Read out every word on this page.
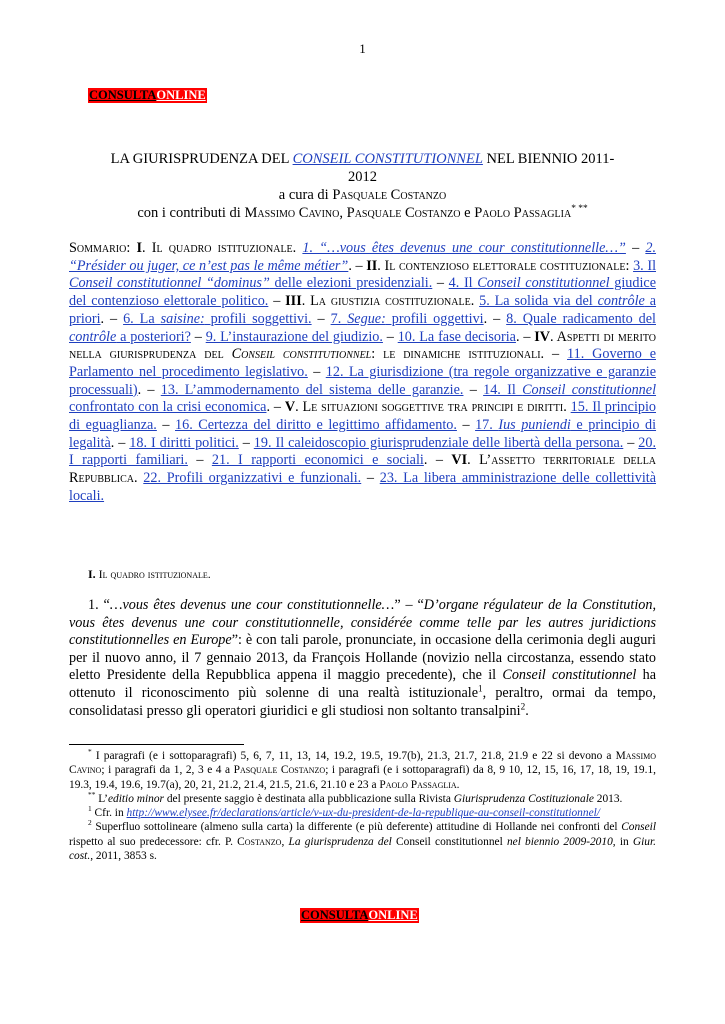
1
CONSULTAONLINE
LA GIURISPRUDENZA DEL CONSEIL CONSTITUTIONNEL NEL BIENNIO 2011-
2012
a cura di Pasquale Costanzo
con i contributi di Massimo Cavino, Pasquale Costanzo e Paolo Passaglia* **
Sommario: I. Il quadro istituzionale. 1. “…vous êtes devenus une cour constitutionnelle…” – 2. “Présider ou juger, ce n’est pas le même métier”. – II. Il contenzioso elettorale costituzionale: 3. Il Conseil constitutionnel “dominus” delle elezioni presidenziali. – 4. Il Conseil constitutionnel giudice del contenzioso elettorale politico. – III. La giustizia costituzionale. 5. La solida via del contrôle a priori. – 6. La saisine: profili soggettivi. – 7. Segue: profili oggettivi. – 8. Quale radicamento del contrôle a posteriori? – 9. L’instaurazione del giudizio. – 10. La fase decisoria. – IV. Aspetti di merito nella giurisprudenza del Conseil constitutionnel: le dinamiche istituzionali. – 11. Governo e Parlamento nel procedimento legislativo. – 12. La giurisdizione (tra regole organizzative e garanzie processuali). – 13. L’ammodernamento del sistema delle garanzie. – 14. Il Conseil constitutionnel confrontato con la crisi economica. – V. Le situazioni soggettive tra principi e diritti. 15. Il principio di eguaglianza. – 16. Certezza del diritto e legittimo affidamento. – 17. Ius puniendi e principio di legalità. – 18. I diritti politici. – 19. Il caleidoscopio giurisprudenziale delle libertà della persona. – 20. I rapporti familiari. – 21. I rapporti economici e sociali. – VI. L’assetto territoriale della Repubblica. 22. Profili organizzativi e funzionali. – 23. La libera amministrazione delle collettività locali.
I. Il quadro istituzionale.
1. “…vous êtes devenus une cour constitutionnelle…” – “D’organe régulateur de la Constitution, vous êtes devenus une cour constitutionnelle, considérée comme telle par les autres juridictions constitutionnelles en Europe”: è con tali parole, pronunciate, in occasione della cerimonia degli auguri per il nuovo anno, il 7 gennaio 2013, da François Hollande (novizio nella circostanza, essendo stato eletto Presidente della Repubblica appena il maggio precedente), che il Conseil constitutionnel ha ottenuto il riconoscimento più solenne di una realtà istituzionale$^1$, peraltro, ormai da tempo, consolidatasi presso gli operatori giuridici e gli studiosi non soltanto transalpini$^2$.

* I paragrafi (e i sottoparagrafi) 5, 6, 7, 11, 13, 14, 19.2, 19.5, 19.7(b), 21.3, 21.7, 21.8, 21.9 e 22 si devono a Massimo Cavino; i paragrafi da 1, 2, 3 e 4 a Pasquale Costanzo; i paragrafi (e i sottoparagrafi) da 8, 9 10, 12, 15, 16, 17, 18, 19, 19.1, 19.3, 19.4, 19.6, 19.7(a), 20, 21, 21.2, 21.4, 21.5, 21.6, 21.10 e 23 a Paolo Passaglia.

** L’editio minor del presente saggio è destinata alla pubblicazione sulla Rivista Giurisprudenza Costituzionale 2013.

$^1$ Cfr. in http://www.elysee.fr/declarations/article/v-ux-du-president-de-la-republique-au-conseil-constitutionnel/

$^2$ Superfluo sottolineare (almeno sulla carta) la differente (e più deferente) attitudine di Hollande nei confronti del Conseil rispetto al suo predecessore: cfr. P. Costanzo, La giurisprudenza del Conseil constitutionnel nel biennio 2009-2010, in Giur. cost., 2011, 3853 s.

CONSULTAONLINE
